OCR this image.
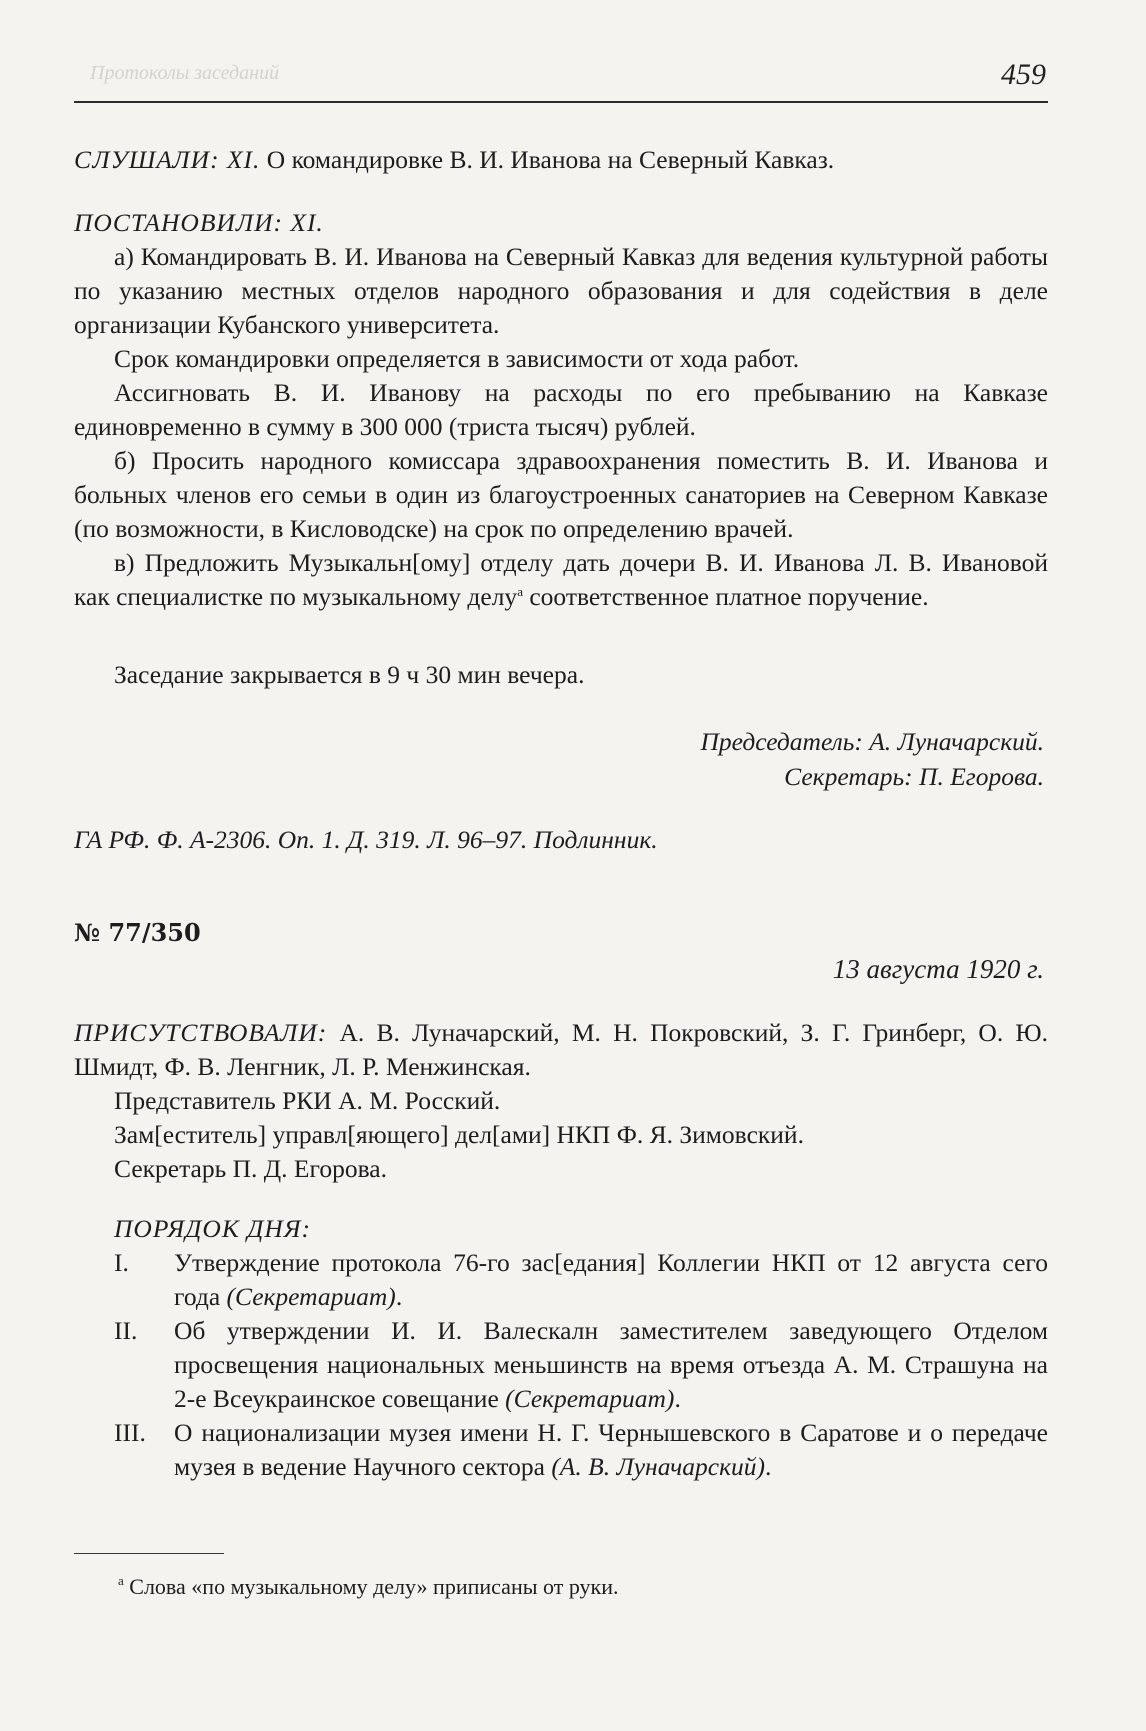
Протоколы заседаний	459
СЛУШАЛИ: XI. О командировке В. И. Иванова на Северный Кавказ.
ПОСТАНОВИЛИ: XI.
а) Командировать В. И. Иванова на Северный Кавказ для ведения культурной работы по указанию местных отделов народного образования и для содействия в деле организации Кубанского университета.
Срок командировки определяется в зависимости от хода работ.
Ассигновать В. И. Иванову на расходы по его пребыванию на Кавказе единовременно в сумму в 300 000 (триста тысяч) рублей.
б) Просить народного комиссара здравоохранения поместить В. И. Иванова и больных членов его семьи в один из благоустроенных санаториев на Северном Кавказе (по возможности, в Кисловодске) на срок по определению врачей.
в) Предложить Музыкальн[ому] отделу дать дочери В. И. Иванова Л. В. Ивановой как специалистке по музыкальному делу$^а$ соответственное платное поручение.
Заседание закрывается в 9 ч 30 мин вечера.
Председатель: А. Луначарский.
Секретарь: П. Егорова.
ГА РФ. Ф. А-2306. Оп. 1. Д. 319. Л. 96–97. Подлинник.
№ 77/350
13 августа 1920 г.
ПРИСУТСТВОВАЛИ: А. В. Луначарский, М. Н. Покровский, З. Г. Гринберг, О. Ю. Шмидт, Ф. В. Ленгник, Л. Р. Менжинская.
Представитель РКИ А. М. Росский.
Зам[еститель] управл[яющего] дел[ами] НКП Ф. Я. Зимовский.
Секретарь П. Д. Егорова.
ПОРЯДОК ДНЯ:
I.	Утверждение протокола 76-го зас[едания] Коллегии НКП от 12 августа сего года (Секретариат).
II.	Об утверждении И. И. Валескалн заместителем заведующего Отделом просвещения национальных меньшинств на время отъезда А. М. Страшуна на 2-е Всеукраинское совещание (Секретариат).
III.	О национализации музея имени Н. Г. Чернышевского в Саратове и о передаче музея в ведение Научного сектора (А. В. Луначарский).
$^а$ Слова «по музыкальному делу» приписаны от руки.
